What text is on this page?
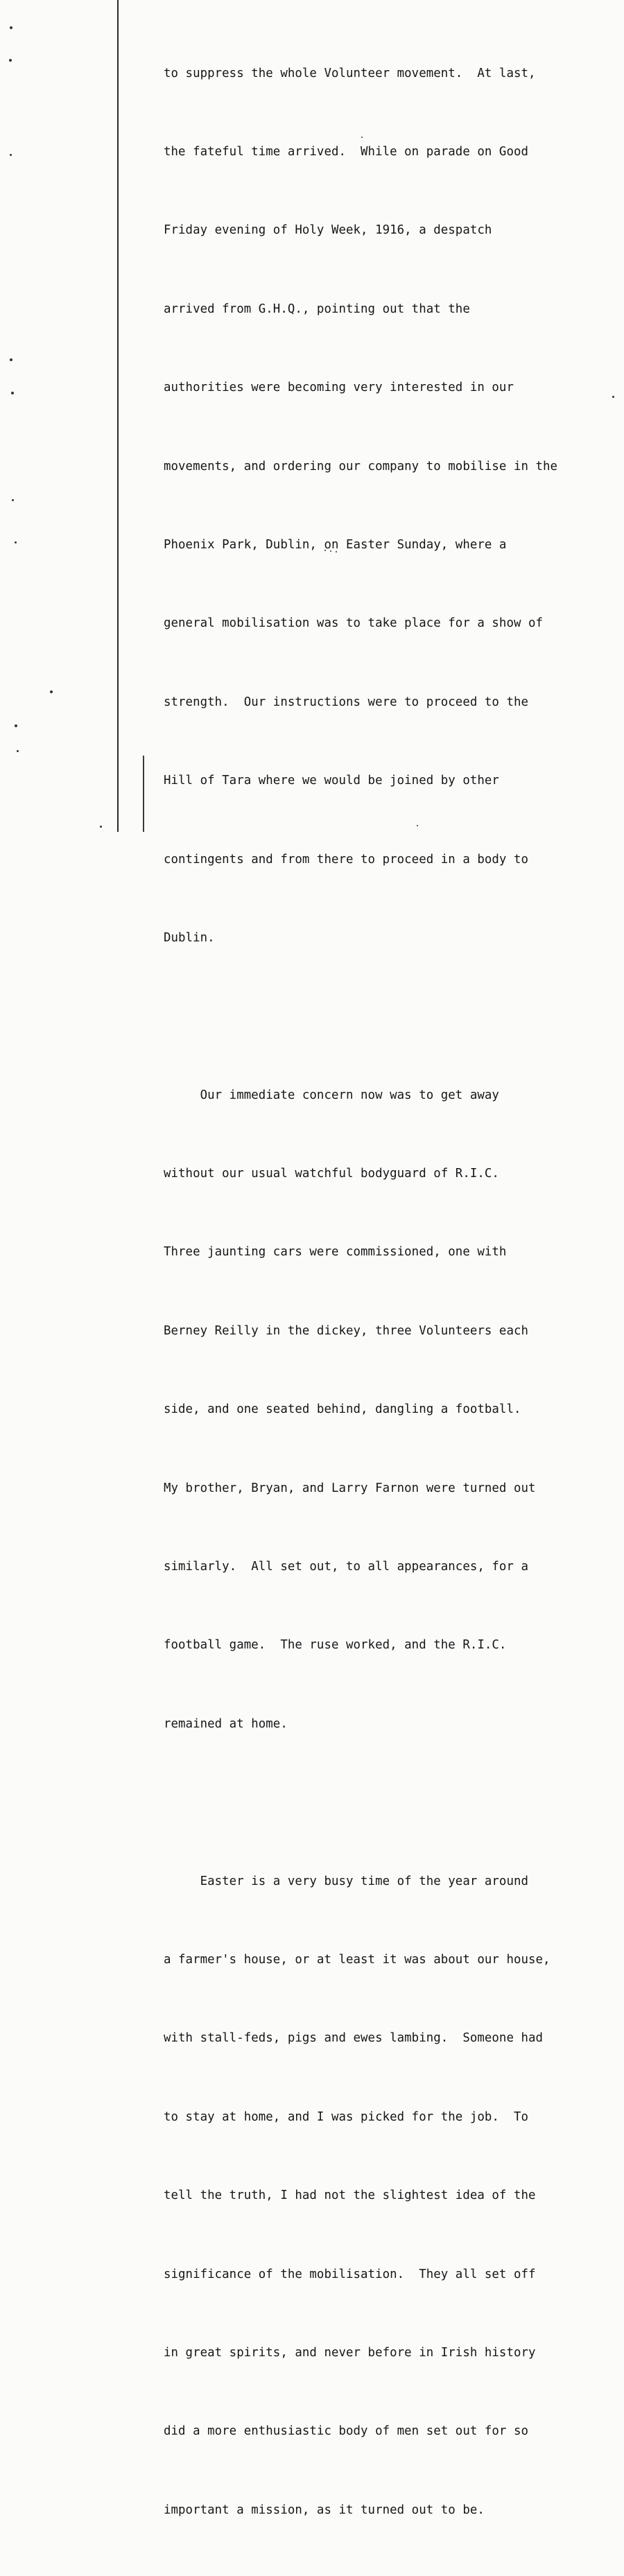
to suppress the whole Volunteer movement.  At last,

the fateful time arrived.  While on parade on Good

Friday evening of Holy Week, 1916, a despatch

arrived from G.H.Q., pointing out that the

authorities were becoming very interested in our

movements, and ordering our company to mobilise in the

Phoenix Park, Dublin, on Easter Sunday, where a

general mobilisation was to take place for a show of

strength.  Our instructions were to proceed to the

Hill of Tara where we would be joined by other

contingents and from there to proceed in a body to

Dublin.

Our immediate concern now was to get away

without our usual watchful bodyguard of R.I.C.

Three jaunting cars were commissioned, one with

Berney Reilly in the dickey, three Volunteers each

side, and one seated behind, dangling a football.

My brother, Bryan, and Larry Farnon were turned out

similarly.  All set out, to all appearances, for a

football game.  The ruse worked, and the R.I.C.

remained at home.

Easter is a very busy time of the year around

a farmer's house, or at least it was about our house,

with stall-feds, pigs and ewes lambing.  Someone had

to stay at home, and I was picked for the job.  To

tell the truth, I had not the slightest idea of the

significance of the mobilisation.  They all set off

in great spirits, and never before in Irish history

did a more enthusiastic body of men set out for so

important a mission, as it turned out to be.
